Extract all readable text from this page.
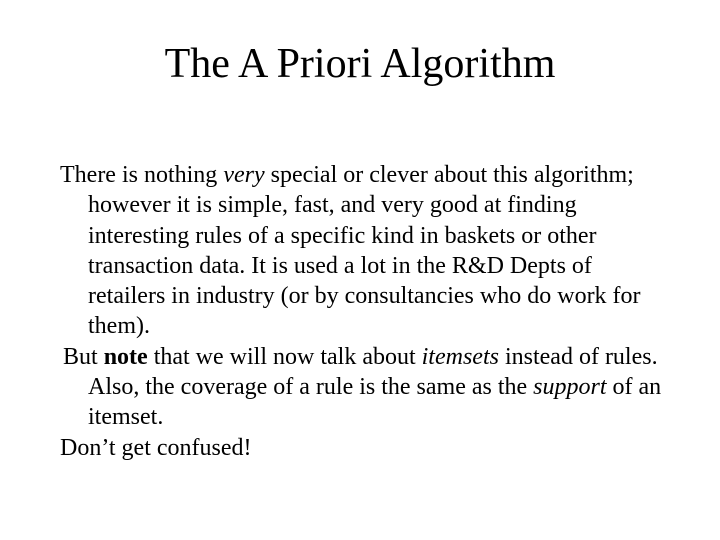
The A Priori Algorithm

There is nothing very special or clever about this algorithm; however it is simple, fast, and very good at finding interesting rules of a specific kind in baskets or other transaction data. It is used a lot in the R&D Depts of retailers in industry (or by consultancies who do work for them).

But note that we will now talk about itemsets instead of rules. Also, the coverage of a rule is the same as the support of an itemset.

Don’t get confused!
